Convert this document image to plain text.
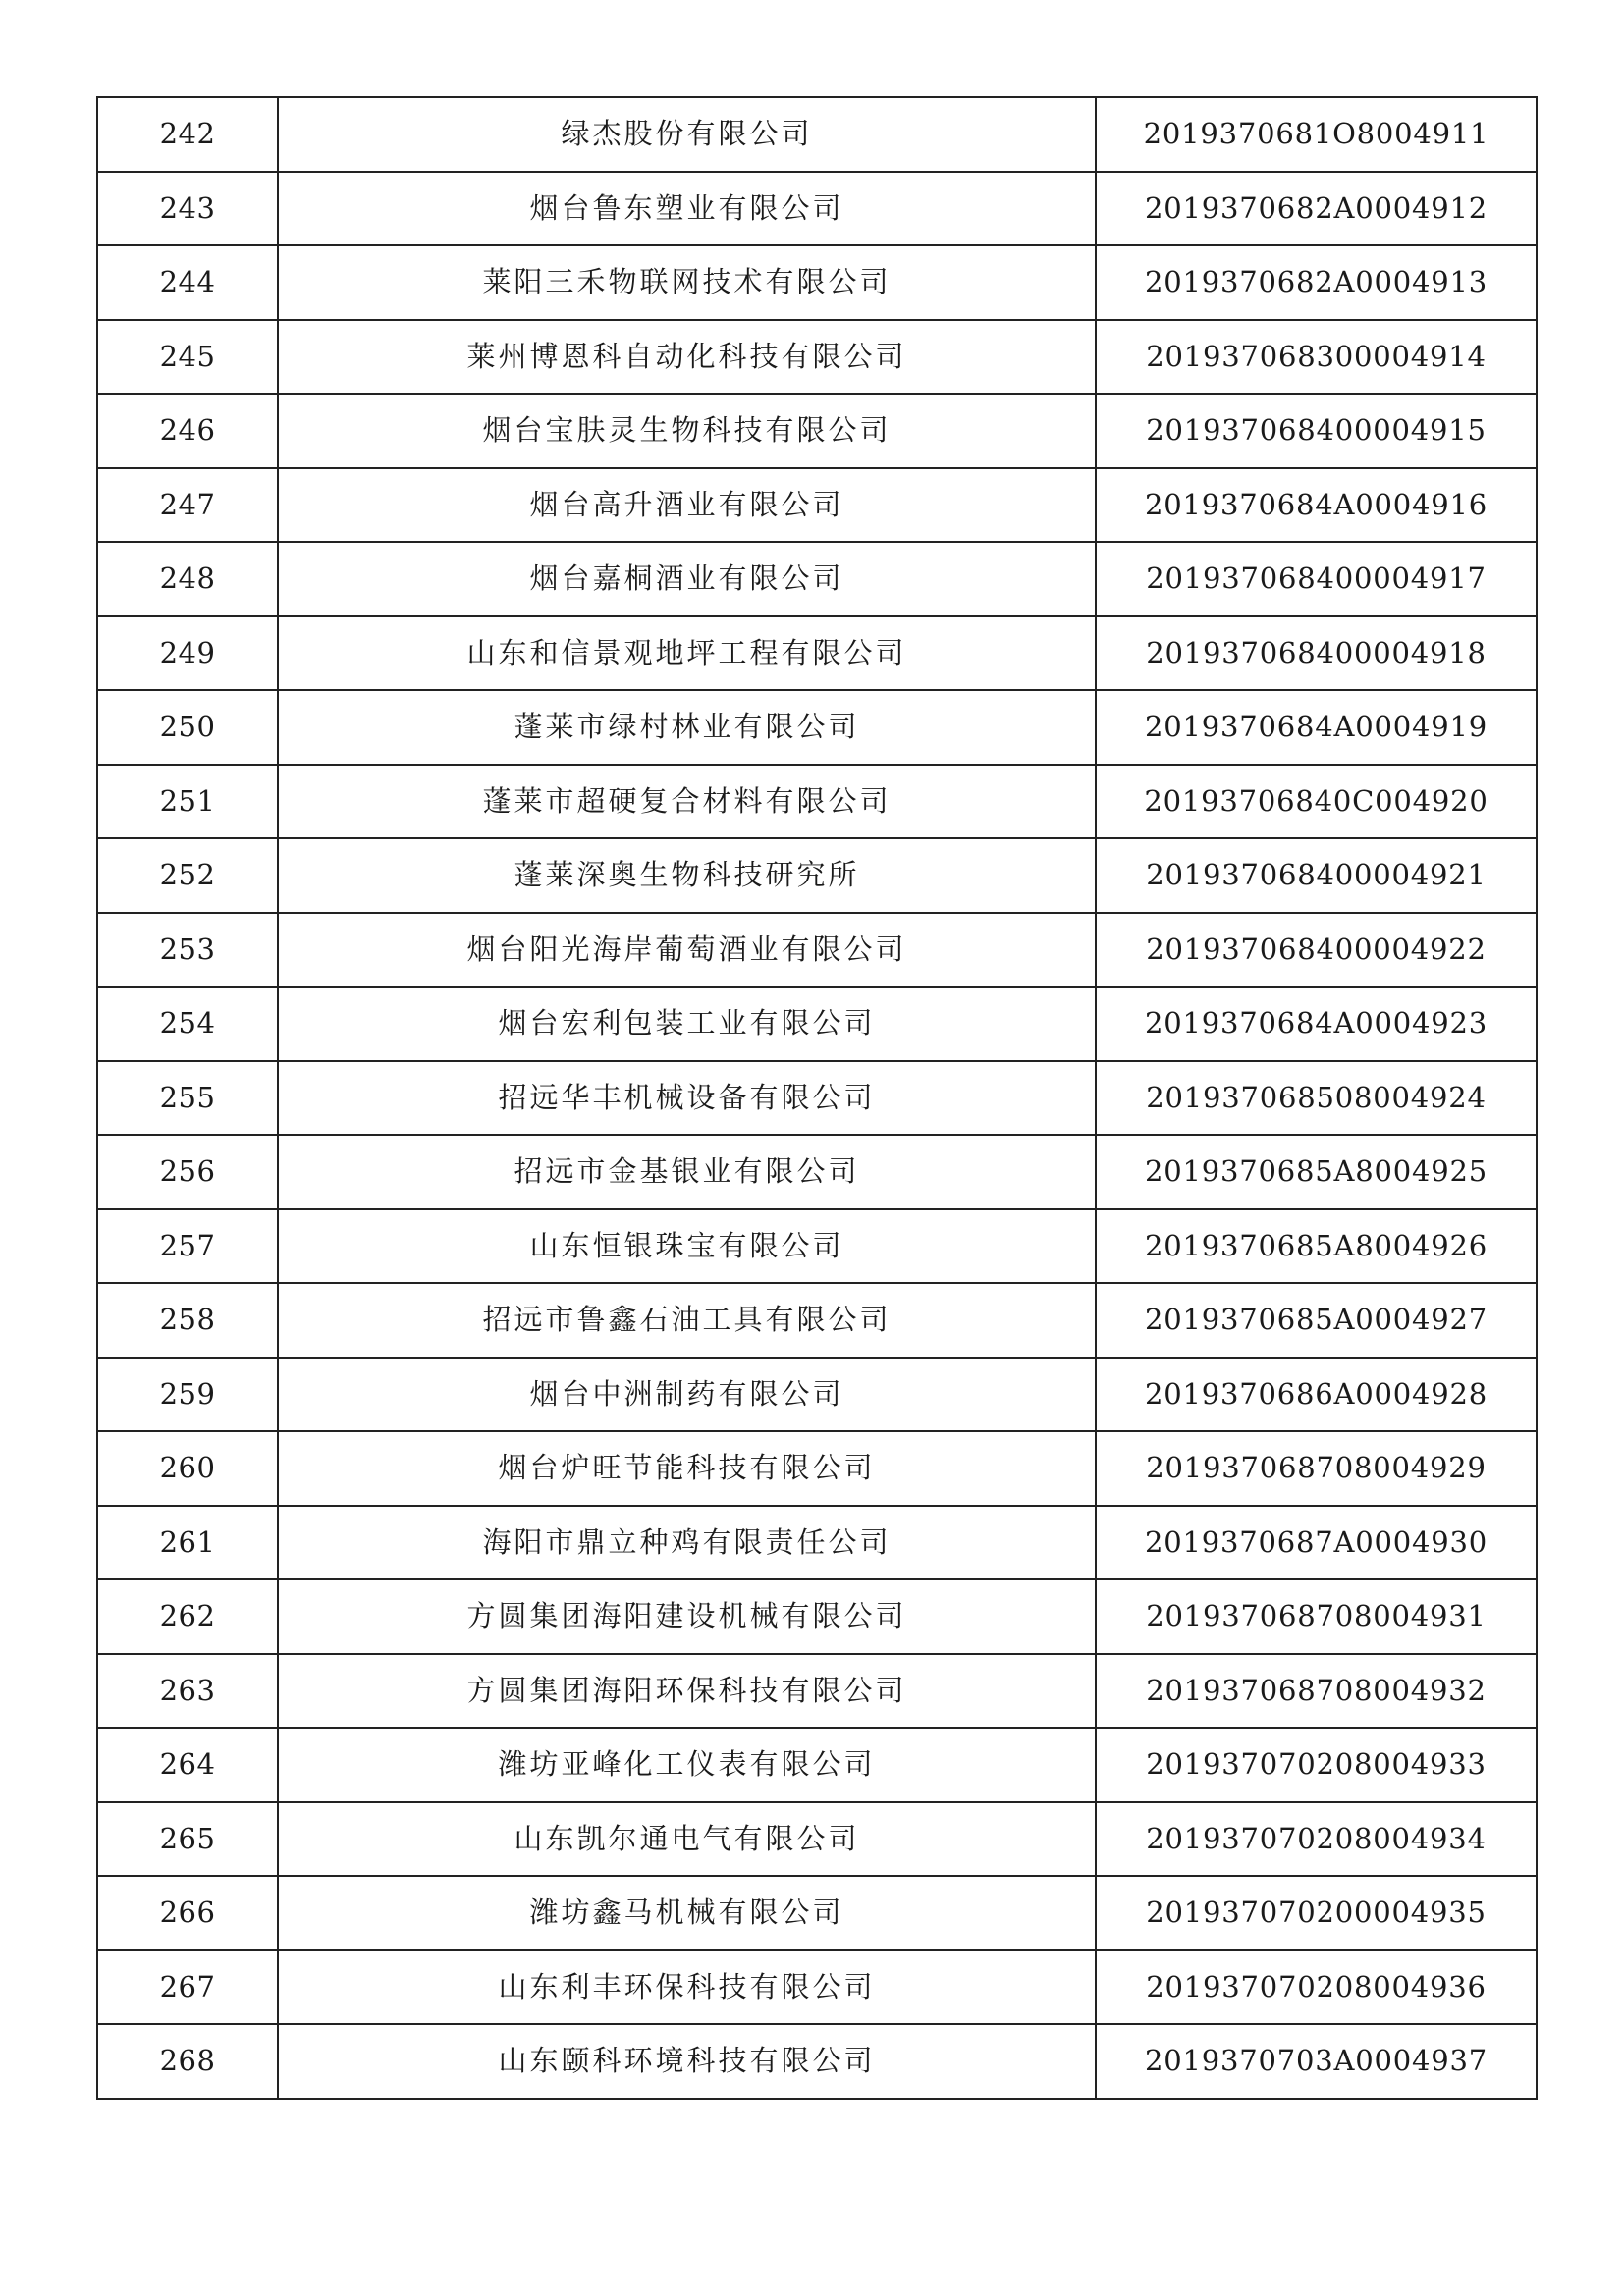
242	绿杰股份有限公司	2019370681O8004911
243	烟台鲁东塑业有限公司	2019370682A0004912
244	莱阳三禾物联网技术有限公司	2019370682A0004913
245	莱州博恩科自动化科技有限公司	201937068300004914
246	烟台宝肤灵生物科技有限公司	201937068400004915
247	烟台高升酒业有限公司	2019370684A0004916
248	烟台嘉桐酒业有限公司	201937068400004917
249	山东和信景观地坪工程有限公司	201937068400004918
250	蓬莱市绿村林业有限公司	2019370684A0004919
251	蓬莱市超硬复合材料有限公司	20193706840C004920
252	蓬莱深奥生物科技研究所	201937068400004921
253	烟台阳光海岸葡萄酒业有限公司	201937068400004922
254	烟台宏利包装工业有限公司	2019370684A0004923
255	招远华丰机械设备有限公司	201937068508004924
256	招远市金基银业有限公司	2019370685A8004925
257	山东恒银珠宝有限公司	2019370685A8004926
258	招远市鲁鑫石油工具有限公司	2019370685A0004927
259	烟台中洲制药有限公司	2019370686A0004928
260	烟台炉旺节能科技有限公司	201937068708004929
261	海阳市鼎立种鸡有限责任公司	2019370687A0004930
262	方圆集团海阳建设机械有限公司	201937068708004931
263	方圆集团海阳环保科技有限公司	201937068708004932
264	潍坊亚峰化工仪表有限公司	201937070208004933
265	山东凯尔通电气有限公司	201937070208004934
266	潍坊鑫马机械有限公司	201937070200004935
267	山东利丰环保科技有限公司	201937070208004936
268	山东颐科环境科技有限公司	2019370703A0004937
